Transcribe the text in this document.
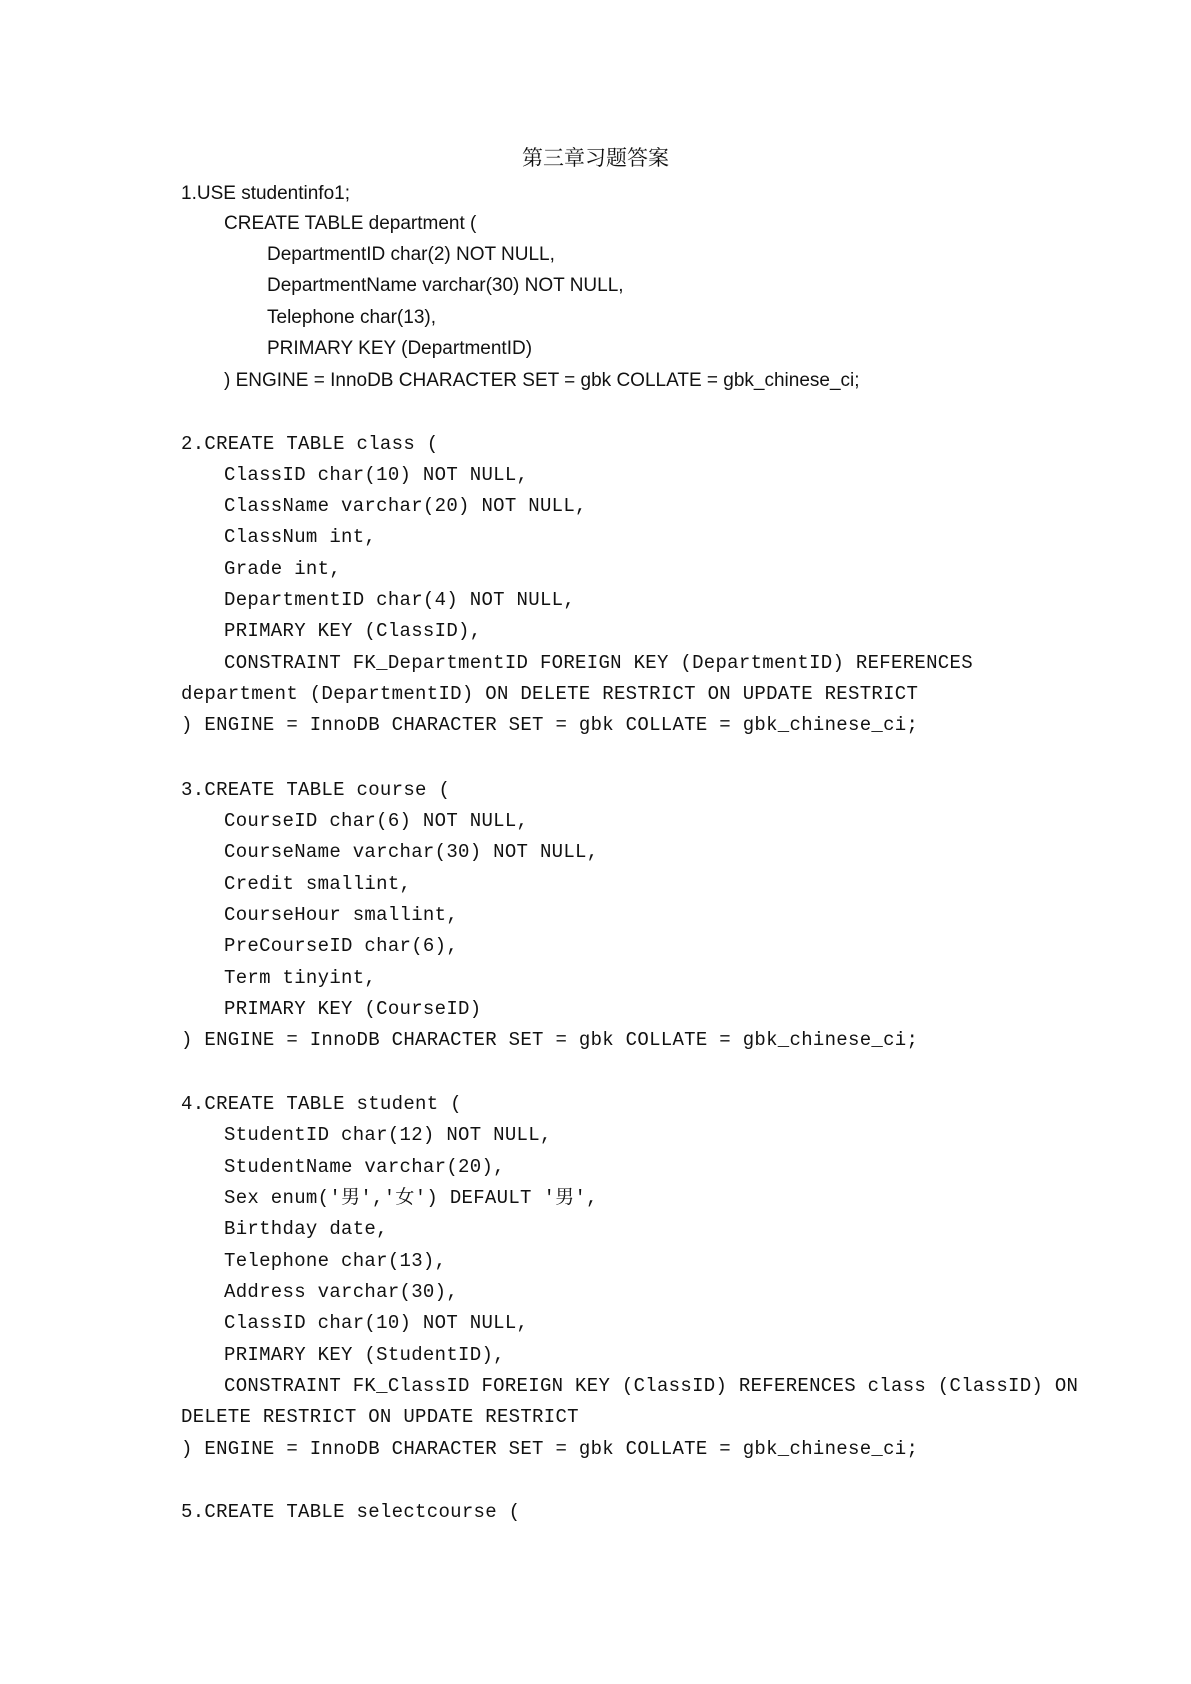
第三章习题答案
1.USE studentinfo1;
CREATE TABLE department (
DepartmentID char(2) NOT NULL,
DepartmentName varchar(30) NOT NULL,
Telephone char(13),
PRIMARY KEY (DepartmentID)
) ENGINE = InnoDB CHARACTER SET = gbk COLLATE = gbk_chinese_ci;
2.CREATE TABLE class (
ClassID char(10) NOT NULL,
ClassName varchar(20) NOT NULL,
ClassNum int,
Grade int,
DepartmentID char(4) NOT NULL,
PRIMARY KEY (ClassID),
CONSTRAINT FK_DepartmentID FOREIGN KEY (DepartmentID) REFERENCES
department (DepartmentID) ON DELETE RESTRICT ON UPDATE RESTRICT
) ENGINE = InnoDB CHARACTER SET = gbk COLLATE = gbk_chinese_ci;
3.CREATE TABLE course (
CourseID char(6) NOT NULL,
CourseName varchar(30) NOT NULL,
Credit smallint,
CourseHour smallint,
PreCourseID char(6),
Term tinyint,
PRIMARY KEY (CourseID)
) ENGINE = InnoDB CHARACTER SET = gbk COLLATE = gbk_chinese_ci;
4.CREATE TABLE student (
StudentID char(12) NOT NULL,
StudentName varchar(20),
Sex enum('男','女') DEFAULT '男',
Birthday date,
Telephone char(13),
Address varchar(30),
ClassID char(10) NOT NULL,
PRIMARY KEY (StudentID),
CONSTRAINT FK_ClassID FOREIGN KEY (ClassID) REFERENCES class (ClassID) ON
DELETE RESTRICT ON UPDATE RESTRICT
) ENGINE = InnoDB CHARACTER SET = gbk COLLATE = gbk_chinese_ci;
5.CREATE TABLE selectcourse (
